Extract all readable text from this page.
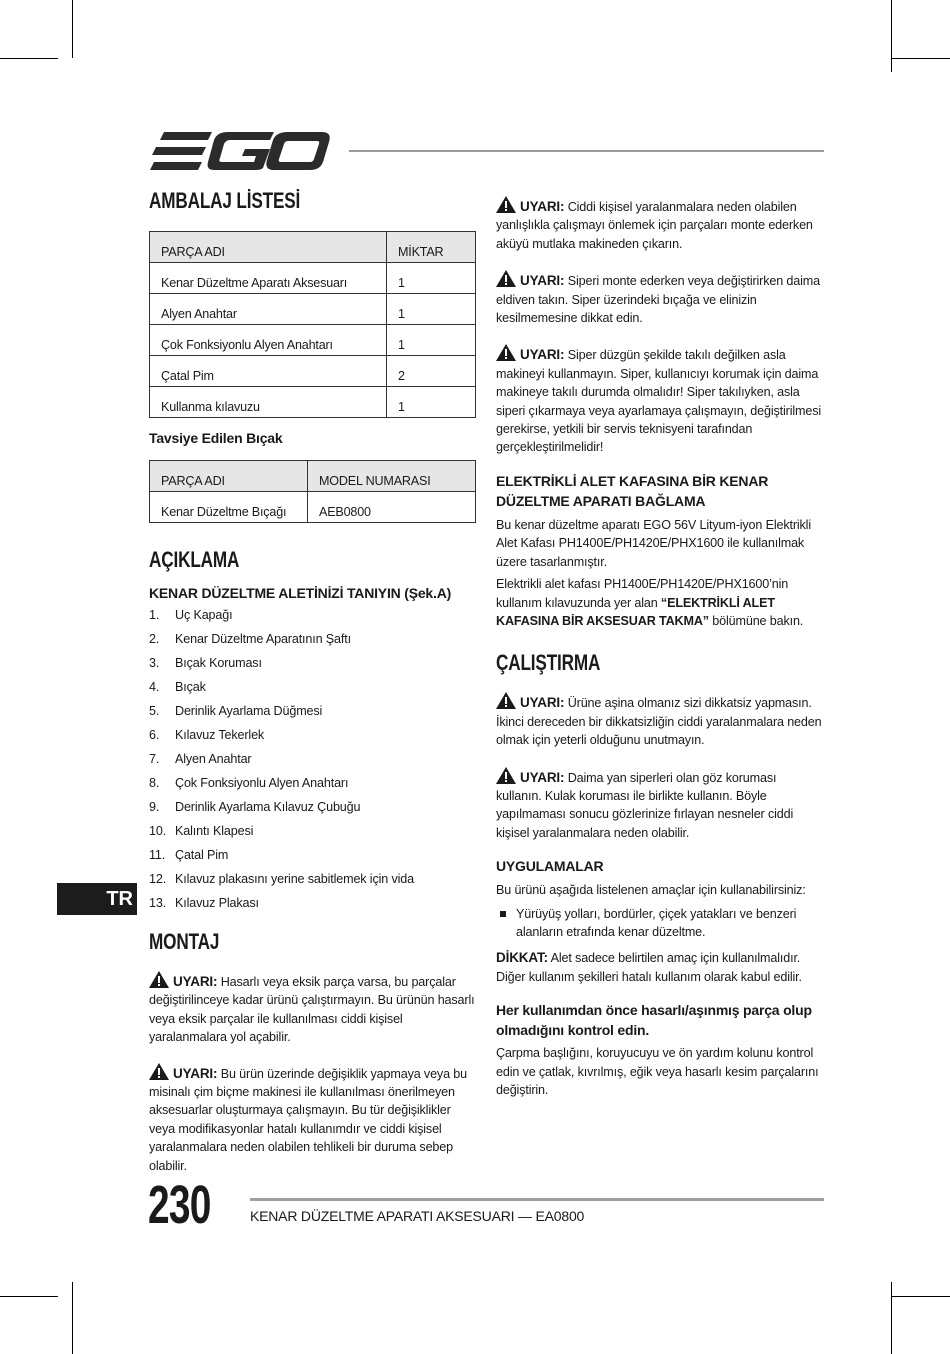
AMBALAJ LİSTESİ
PARÇA ADI	MİKTAR
Kenar Düzeltme Aparatı Aksesuarı	1
Alyen Anahtar	1
Çok Fonksiyonlu Alyen Anahtarı	1
Çatal Pim	2
Kullanma kılavuzu	1

Tavsiye Edilen Bıçak

PARÇA ADI	MODEL NUMARASI
Kenar Düzeltme Bıçağı	AEB0800
AÇIKLAMA

KENAR DÜZELTME ALETİNİZİ TANIYIN (Şek.A)

1.	Uç Kapağı
2.	Kenar Düzeltme Aparatının Şaftı
3.	Bıçak Koruması
4.	Bıçak
5.	Derinlik Ayarlama Düğmesi
6.	Kılavuz Tekerlek
7.	Alyen Anahtar
8.	Çok Fonksiyonlu Alyen Anahtarı
9.	Derinlik Ayarlama Kılavuz Çubuğu
10. Kalıntı Klapesi
11. Çatal Pim
12. Kılavuz plakasını yerine sabitlemek için vida
13. Kılavuz Plakası
MONTAJ

UYARI: Hasarlı veya eksik parça varsa, bu parçalar değiştirilinceye kadar ürünü çalıştırmayın. Bu ürünün hasarlı veya eksik parçalar ile kullanılması ciddi kişisel yaralanmalara yol açabilir.

UYARI: Bu ürün üzerinde değişiklik yapmaya veya bu misinalı çim biçme makinesi ile kullanılması önerilmeyen aksesuarlar oluşturmaya çalışmayın. Bu tür değişiklikler veya modifikasyonlar hatalı kullanımdır ve ciddi kişisel yaralanmalara neden olabilen tehlikeli bir duruma sebep olabilir.

UYARI: Ciddi kişisel yaralanmalara neden olabilen yanlışlıkla çalışmayı önlemek için parçaları monte ederken aküyü mutlaka makineden çıkarın.

UYARI: Siperi monte ederken veya değiştirirken daima eldiven takın. Siper üzerindeki bıçağa ve elinizin kesilmemesine dikkat edin.

UYARI: Siper düzgün şekilde takılı değilken asla makineyi kullanmayın. Siper, kullanıcıyı korumak için daima makineye takılı durumda olmalıdır! Siper takılıyken, asla siperi çıkarmaya veya ayarlamaya çalışmayın, değiştirilmesi gerekirse, yetkili bir servis teknisyeni tarafından gerçekleştirilmelidir!

ELEKTRİKLİ ALET KAFASINA BİR KENAR DÜZELTME APARATI BAĞLAMA

Bu kenar düzeltme aparatı EGO 56V Lityum-iyon Elektrikli Alet Kafası PH1400E/PH1420E/PHX1600 ile kullanılmak üzere tasarlanmıştır.

Elektrikli alet kafası PH1400E/PH1420E/PHX1600’nin kullanım kılavuzunda yer alan “ELEKTRİKLİ ALET KAFASINA BİR AKSESUAR TAKMA” bölümüne bakın.

ÇALIŞTIRMA

UYARI: Ürüne aşina olmanız sizi dikkatsiz yapmasın. İkinci dereceden bir dikkatsizliğin ciddi yaralanmalara neden olmak için yeterli olduğunu unutmayın.

UYARI: Daima yan siperleri olan göz koruması kullanın. Kulak koruması ile birlikte kullanın. Böyle yapılmaması sonucu gözlerinize fırlayan nesneler ciddi kişisel yaralanmalara neden olabilir.

UYGULAMALAR

Bu ürünü aşağıda listelenen amaçlar için kullanabilirsiniz:

Yürüyüş yolları, bordürler, çiçek yatakları ve benzeri alanların etrafında kenar düzeltme.

DİKKAT: Alet sadece belirtilen amaç için kullanılmalıdır. Diğer kullanım şekilleri hatalı kullanım olarak kabul edilir.

Her kullanımdan önce hasarlı/aşınmış parça olup olmadığını kontrol edin.

Çarpma başlığını, koruyucuyu ve ön yardım kolunu kontrol edin ve çatlak, kıvrılmış, eğik veya hasarlı kesim parçalarını değiştirin.

TR
230	KENAR DÜZELTME APARATI AKSESUARI — EA0800
